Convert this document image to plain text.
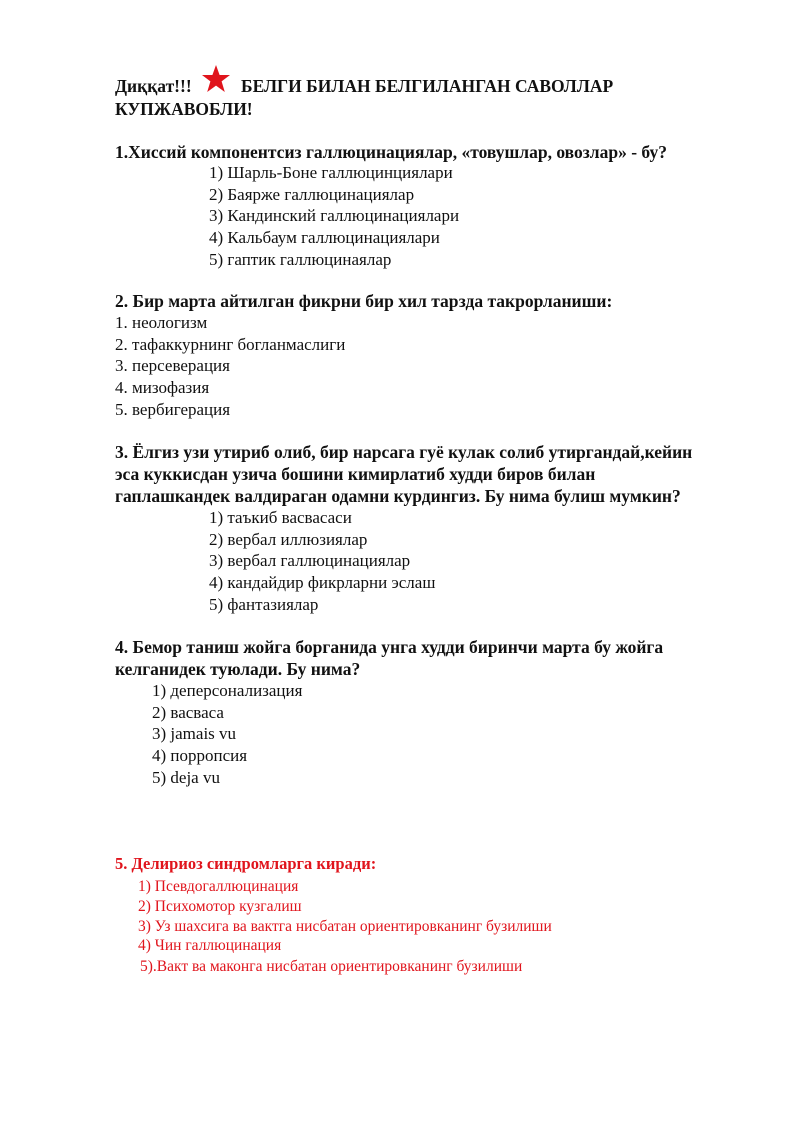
Диққат!!!	БЕЛГИ БИЛАН БЕЛГИЛАНГАН САВОЛЛАР
КУПЖАВОБЛИ!
1.Хиссий компонентсиз галлюцинациялар, «товушлар, овозлар» - бу?
1) Шарль-Боне галлюцинциялари
2) Баярже галлюцинациялар
3) Кандинский галлюцинациялари
4) Кальбаум галлюцинациялари
5) гаптик галлюцинаялар
2. Бир марта айтилган фикрни бир хил тарзда такрорланиши:
1. неологизм
2. тафаккурнинг богланмаслиги
3. персеверация
4. мизофазия
5. вербигерация
3. Ёлгиз узи утириб олиб, бир нарсага гуё кулак солиб утиргандай,кейин
эса куккисдан узича бошини кимирлатиб худди биров билан
гаплашкандек валдираган одамни курдингиз. Бу нима булиш мумкин?
1) таъкиб васвасаси
2) вербал иллюзиялар
3) вербал галлюцинациялар
4) кандайдир фикрларни эслаш
5) фантазиялар
4. Бемор таниш жойга борганида унга худди биринчи марта бу жойга
келганидек туюлади. Бу нима?
1) деперсонализация
2) васваса
3) jamais vu
4) порропсия
5) deja vu
5. Делириоз синдромларга киради:
1) Псевдогаллюцинация
2) Психомотор кузгалиш
3) Уз шахсига ва вактга нисбатан ориентировканинг бузилиши
4) Чин галлюцинация
5).Вакт ва маконга нисбатан ориентировканинг бузилиши
